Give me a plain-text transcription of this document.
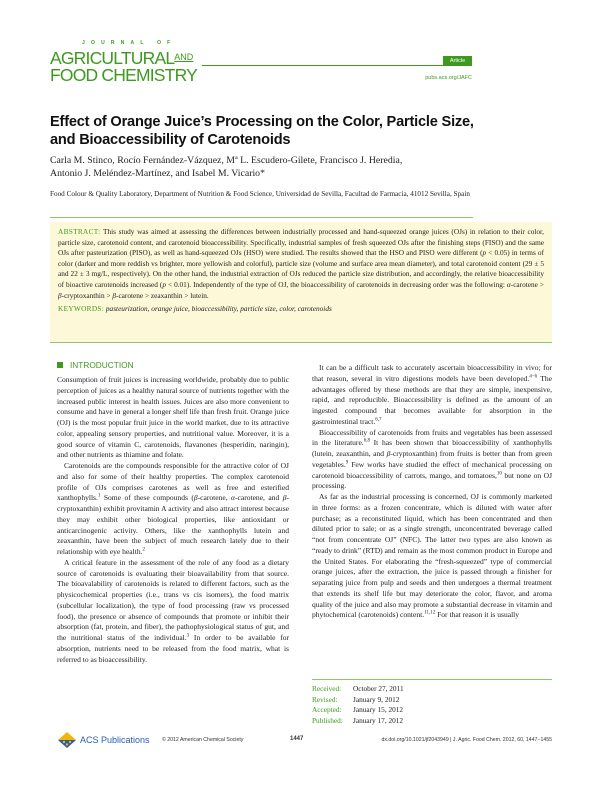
JOURNAL OF
$AGRICULTURAL^{AND}$
FOOD CHEMISTRY
Article
pubs.acs.org/JAFC
Effect of Orange Juice’s Processing on the Color, Particle Size, and Bioaccessibility of Carotenoids
Carla M. Stinco, Rocío Fernández-Vázquez, Mª L. Escudero-Gilete, Francisco J. Heredia,
Antonio J. Meléndez-Martínez, and Isabel M. Vicario*
Food Colour & Quality Laboratory, Department of Nutrition & Food Science, Universidad de Sevilla, Facultad de Farmacia, 41012 Sevilla, Spain
ABSTRACT: This study was aimed at assessing the differences between industrially processed and hand-squeezed orange juices (OJs) in relation to their color, particle size, carotenoid content, and carotenoid bioaccessibility. Specifically, industrial samples of fresh squeezed OJs after the finishing steps (FISO) and the same OJs after pasteurization (PISO), as well as hand-squeezed OJs (HSO) were studied. The results showed that the HSO and PISO were different (p < 0.05) in terms of color (darker and more reddish vs brighter, more yellowish and colorful), particle size (volume and surface area mean diameter), and total carotenoid content (29 ± 5 and 22 ± 3 mg/L, respectively). On the other hand, the industrial extraction of OJs reduced the particle size distribution, and accordingly, the relative bioaccessibility of bioactive carotenoids increased (p < 0.01). Independently of the type of OJ, the bioaccessibility of carotenoids in decreasing order was the following: α-carotene > β-cryptoxanthin > β-carotene > zeaxanthin > lutein.
KEYWORDS: pasteurization, orange juice, bioaccessibility, particle size, color, carotenoids
INTRODUCTION

Consumption of fruit juices is increasing worldwide, probably due to public perception of juices as a healthy natural source of nutrients together with the increased public interest in health issues. Juices are also more convenient to consume and have in general a longer shelf life than fresh fruit. Orange juice (OJ) is the most popular fruit juice in the world market, due to its attractive color, appealing sensory properties, and nutritional value. Moreover, it is a good source of vitamin C, carotenoids, flavanones (hesperidin, naringin), and other nutrients as thiamine and folate.

Carotenoids are the compounds responsible for the attractive color of OJ and also for some of their healthy properties. The complex carotenoid profile of OJs comprises carotenes as well as free and esterified xanthophylls.$^1$ Some of these compounds (β-carotene, α-carotene, and β-cryptoxanthin) exhibit provitamin A activity and also attract interest because they may exhibit other biological properties, like antioxidant or anticarcinogenic activity. Others, like the xanthophylls lutein and zeaxanthin, have been the subject of much research lately due to their relationship with eye health.$^2$

A critical feature in the assessment of the role of any food as a dietary source of carotenoids is evaluating their bioavailability from that source. The bioavalability of carotenoids is related to different factors, such as the physicochemical properties (i.e., trans vs cis isomers), the food matrix (subcellular localization), the type of food processing (raw vs processed food), the presence or absence of compounds that promote or inhibit their absorption (fat, protein, and fiber), the pathophysiological status of gut, and the nutritional status of the individual.$^3$ In order to be available for absorption, nutrients need to be released from the food matrix, what is referred to as bioaccessibility.

It can be a difficult task to accurately ascertain bioaccessibility in vivo; for that reason, several in vitro digestions models have been developed.$^{4-6}$ The advantages offered by these methods are that they are simple, inexpensive, rapid, and reproducible. Bioaccessibility is defined as the amount of an ingested compound that becomes available for absorption in the gastrointestinal tract.$^{6,7}$

Bioaccessibility of carotenoids from fruits and vegetables has been assessed in the literature.$^{6,8}$ It has been shown that bioaccessibility of xanthophylls (lutein, zeaxanthin, and β-cryptoxanthin) from fruits is better than from green vegetables.$^9$ Few works have studied the effect of mechanical processing on carotenoid bioaccessibility of carrots, mango, and tomatoes,$^{10}$ but none on OJ processing.

As far as the industrial processing is concerned, OJ is commonly marketed in three forms: as a frozen concentrate, which is diluted with water after purchase; as a reconstituted liquid, which has been concentrated and then diluted prior to sale; or as a single strength, unconcentrated beverage called “not from concentrate OJ” (NFC). The latter two types are also known as “ready to drink” (RTD) and remain as the most common product in Europe and the United States. For elaborating the “fresh-squeezed” type of commercial orange juices, after the extraction, the juice is passed through a finisher for separating juice from pulp and seeds and then undergoes a thermal treatment that extends its shelf life but may deteriorate the color, flavor, and aroma quality of the juice and also may promote a substantial decrease in vitamin and phytochemical (carotenoids) content.$^{11,12}$ For that reason it is usually

Received: October 27, 2011
Revised: January 9, 2012
Accepted: January 15, 2012
Published: January 17, 2012
ACS Publications © 2012 American Chemical Society	1447	dx.doi.org/10.1021/jf2043949 | J. Agric. Food Chem. 2012, 60, 1447−1455
